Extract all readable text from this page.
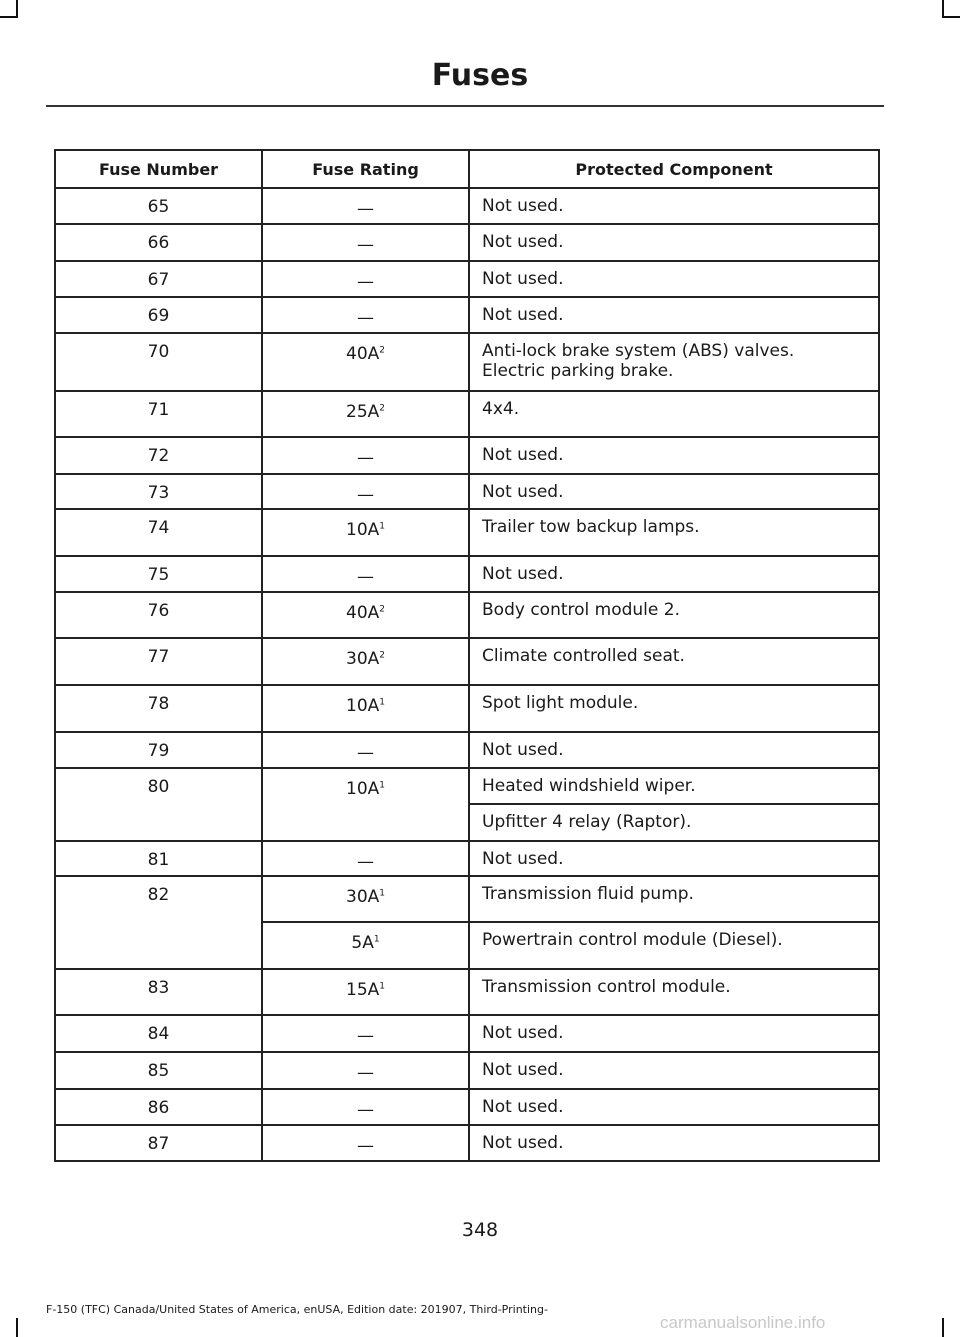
Fuses
Fuse Number	Fuse Rating	Protected Component
65	—	Not used.

66	—	Not used.

67	—	Not used.

69	—	Not used.

70	$40A^2$	Anti-lock brake system (ABS) valves.
Electric parking brake.

71	$25A^2$	4x4.

72	—	Not used.

73	—	Not used.

74	$10A^1$	Trailer tow backup lamps.

75	—	Not used.

76	$40A^2$	Body control module 2.

77	$30A^2$	Climate controlled seat.

78	$10A^1$	Spot light module.

79	—	Not used.

80	$10A^1$	Heated windshield wiper.

		Upfitter 4 relay (Raptor).

81	—	Not used.

82	$30A^1$	Transmission fluid pump.

	$5A^1$	Powertrain control module (Diesel).

83	$15A^1$	Transmission control module.

84	—	Not used.

85	—	Not used.

86	—	Not used.

87	—	Not used.
348
F-150 (TFC) Canada/United States of America, enUSA, Edition date: 201907, Third-Printing-
carmanualsonline.info
